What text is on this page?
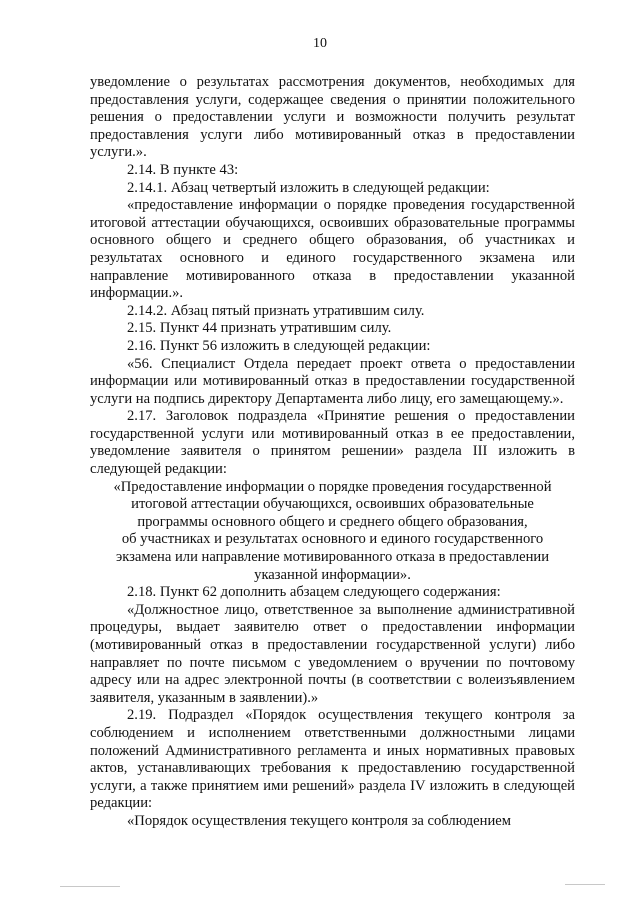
10

уведомление о результатах рассмотрения документов, необходимых для предоставления услуги, содержащее сведения о принятии положительного решения о предоставлении услуги и возможности получить результат предоставления услуги либо мотивированный отказ в предоставлении услуги.».

2.14. В пункте 43:

2.14.1. Абзац четвертый изложить в следующей редакции:

«предоставление информации о порядке проведения государственной итоговой аттестации обучающихся, освоивших образовательные программы основного общего и среднего общего образования, об участниках и результатах основного и единого государственного экзамена или направление мотивированного отказа в предоставлении указанной информации.».

2.14.2. Абзац пятый признать утратившим силу.

2.15. Пункт 44 признать утратившим силу.

2.16. Пункт 56 изложить в следующей редакции:

«56. Специалист Отдела передает проект ответа о предоставлении информации или мотивированный отказ в предоставлении государственной услуги на подпись директору Департамента либо лицу, его замещающему.».

2.17. Заголовок подраздела «Принятие решения о предоставлении государственной услуги или мотивированный отказ в ее предоставлении, уведомление заявителя о принятом решении» раздела III изложить в следующей редакции:

«Предоставление информации о порядке проведения государственной

итоговой аттестации обучающихся, освоивших образовательные

программы основного общего и среднего общего образования,

об участниках и результатах основного и единого государственного

экзамена или направление мотивированного отказа в предоставлении

указанной информации».

2.18. Пункт 62 дополнить абзацем следующего содержания:

«Должностное лицо, ответственное за выполнение административной процедуры, выдает заявителю ответ о предоставлении информации (мотивированный отказ в предоставлении государственной услуги) либо направляет по почте письмом с уведомлением о вручении по почтовому адресу или на адрес электронной почты (в соответствии с волеизъявлением заявителя, указанным в заявлении).»

2.19. Подраздел «Порядок осуществления текущего контроля за соблюдением и исполнением ответственными должностными лицами положений Административного регламента и иных нормативных правовых актов, устанавливающих требования к предоставлению государственной услуги, а также принятием ими решений» раздела IV изложить в следующей редакции:

«Порядок осуществления текущего контроля за соблюдением
